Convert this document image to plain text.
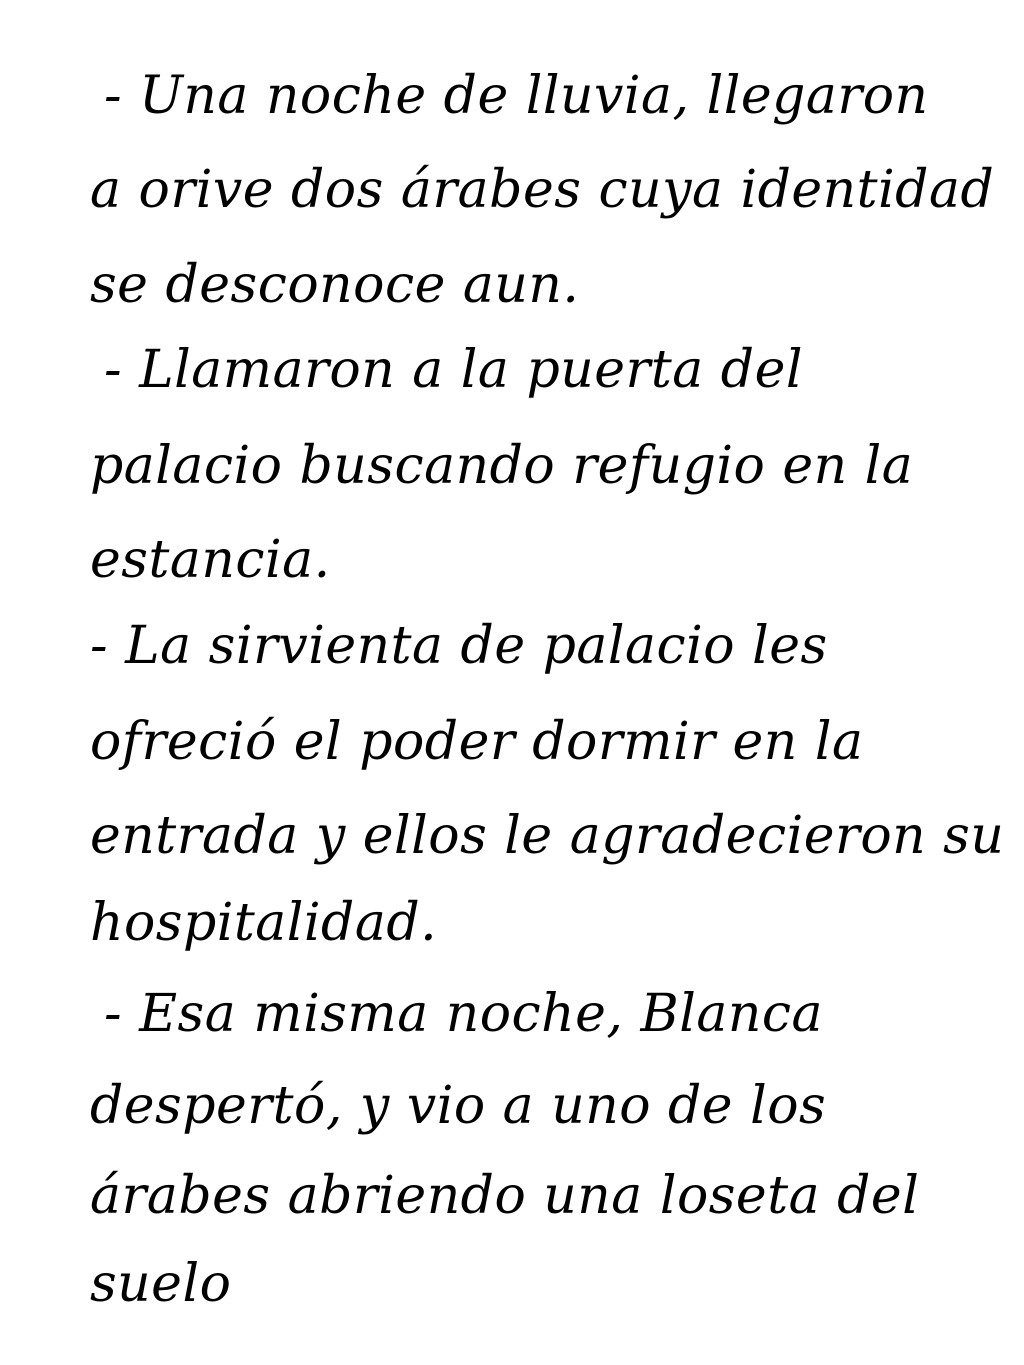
- Una noche de lluvia, llegaron
a orive dos árabes cuya identidad
se desconoce aun.
- Llamaron a la puerta del
palacio buscando refugio en la
estancia.
- La sirvienta de palacio les
ofreció el poder dormir en la
entrada y ellos le agradecieron su
hospitalidad.
- Esa misma noche, Blanca
despertó, y vio a uno de los
árabes abriendo una loseta del
suelo
